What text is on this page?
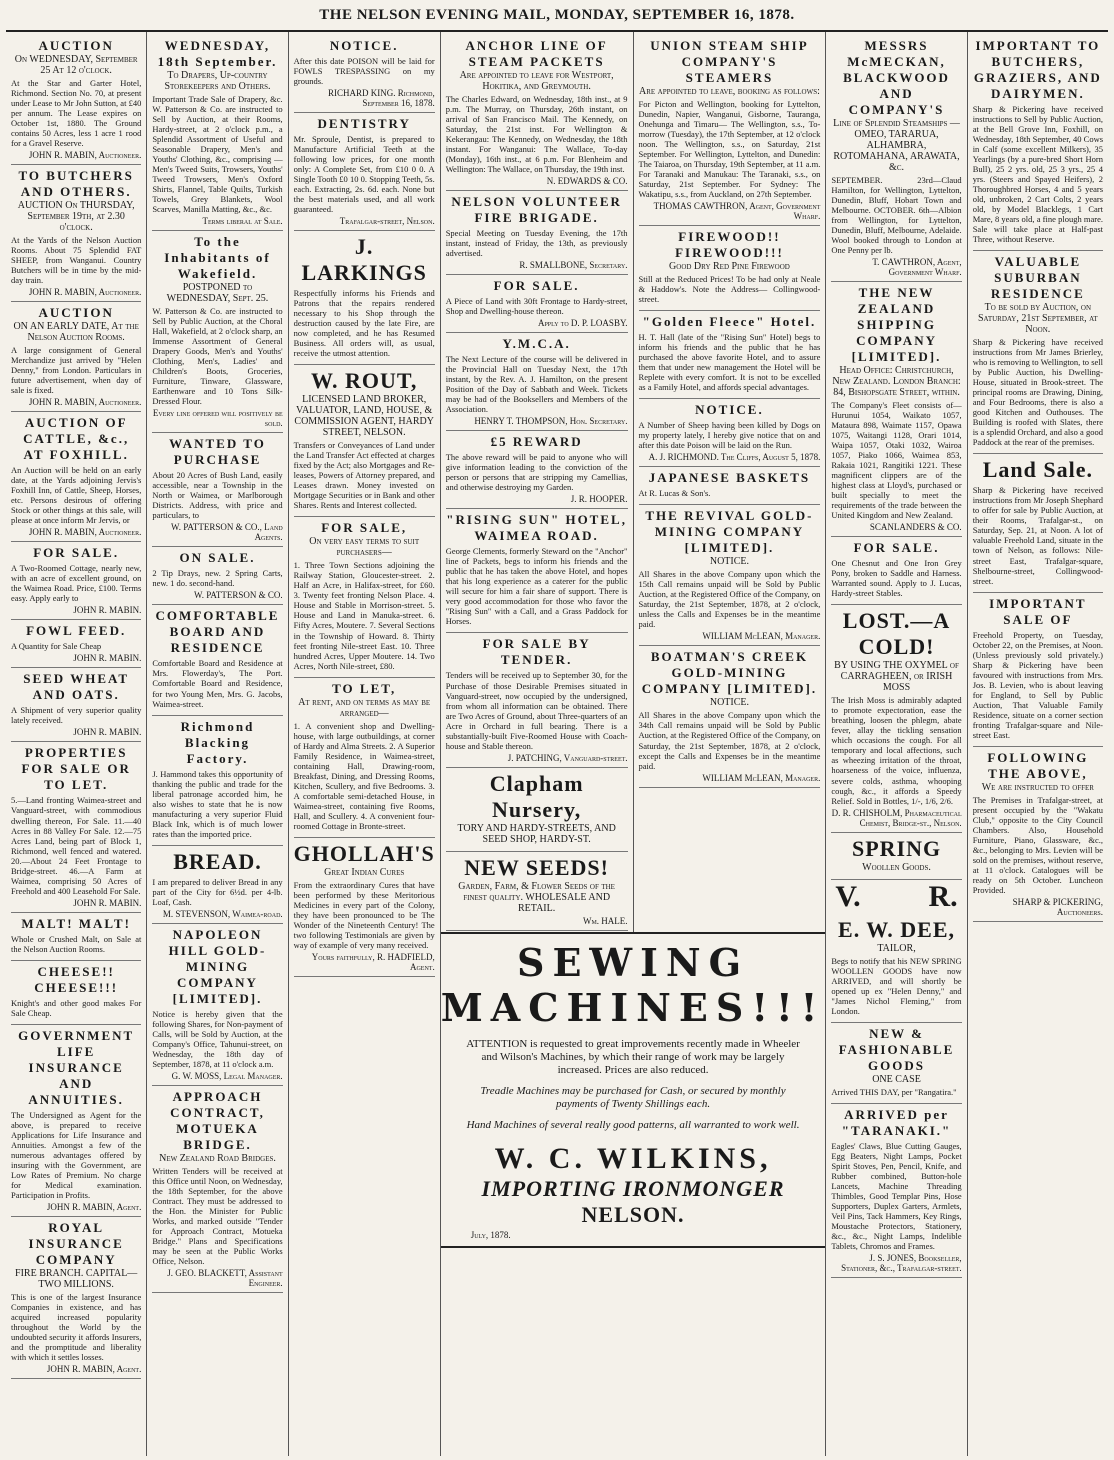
THE NELSON EVENING MAIL, MONDAY, SEPTEMBER 16, 1878.
AUCTION
On WEDNESDAY, September 25 At 12 o'clock.
At the Star and Garter Hotel, Richmond. Section No. 70, at present under Lease to Mr John Sutton, at £40 per annum. The Lease expires on October 1st, 1880. The Ground contains 50 Acres, less 1 acre 1 rood for a Gravel Reserve.
JOHN R. MABIN, Auctioneer.
TO BUTCHERS AND OTHERS.
AUCTION On THURSDAY, September 19th, at 2.30 o'clock.
At the Yards of the Nelson Auction Rooms. About 75 Splendid FAT SHEEP, from Wanganui. Country Butchers will be in time by the mid-day train.
JOHN R. MABIN, Auctioneer.
AUCTION
ON AN EARLY DATE, At the Nelson Auction Rooms.
A large consignment of General Merchandize just arrived by "Helen Denny," from London. Particulars in future advertisement, when day of sale is fixed.
JOHN R. MABIN, Auctioneer.
AUCTION OF CATTLE, &c., AT FOXHILL.
An Auction will be held on an early date, at the Yards adjoining Jervis's Foxhill Inn, of Cattle, Sheep, Horses, etc. Persons desirous of offering Stock or other things at this sale, will please at once inform Mr Jervis, or
JOHN R. MABIN, Auctioneer.
FOR SALE.
A Two-Roomed Cottage, nearly new, with an acre of excellent ground, on the Waimea Road. Price, £100. Terms easy. Apply early to
JOHN R. MABIN.
FOWL FEED.
A Quantity for Sale Cheap
JOHN R. MABIN.
SEED WHEAT AND OATS.
A Shipment of very superior quality lately received.
JOHN R. MABIN.
PROPERTIES FOR SALE OR TO LET.
5.—Land fronting Waimea-street and Vanguard-street, with commodious dwelling thereon, For Sale. 11.—40 Acres in 88 Valley For Sale. 12.—75 Acres Land, being part of Block 1, Richmond, well fenced and watered. 20.—About 24 Feet Frontage to Bridge-street. 46.—A Farm at Waimea, comprising 50 Acres of Freehold and 400 Leasehold For Sale.
JOHN R. MABIN.
MALT! MALT!
Whole or Crushed Malt, on Sale at the Nelson Auction Rooms.
CHEESE!! CHEESE!!!
Knight's and other good makes For Sale Cheap.
GOVERNMENT LIFE INSURANCE AND ANNUITIES.
The Undersigned as Agent for the above, is prepared to receive Applications for Life Insurance and Annuities. Amongst a few of the numerous advantages offered by insuring with the Government, are Low Rates of Premium. No charge for Medical examination. Participation in Profits.
JOHN R. MABIN, Agent.
ROYAL INSURANCE COMPANY
FIRE BRANCH. CAPITAL—TWO MILLIONS.
This is one of the largest Insurance Companies in existence, and has acquired increased popularity throughout the World by the undoubted security it affords Insurers, and the promptitude and liberality with which it settles losses.
JOHN R. MABIN, Agent.
WEDNESDAY, 18th September.
To Drapers, Up-country Storekeepers and Others.
Important Trade Sale of Drapery, &c. W. Patterson & Co. are instructed to Sell by Auction, at their Rooms, Hardy-street, at 2 o'clock p.m., a Splendid Assortment of Useful and Seasonable Drapery, Men's and Youths' Clothing, &c., comprising — Men's Tweed Suits, Trowsers, Youths' Tweed Trowsers, Men's Oxford Shirts, Flannel, Table Quilts, Turkish Towels, Grey Blankets, Wool Scarves, Manilla Matting, &c., &c.
Terms liberal at Sale.
To the Inhabitants of Wakefield.
POSTPONED to WEDNESDAY, Sept. 25.
W. Patterson & Co. are instructed to Sell by Public Auction, at the Choral Hall, Wakefield, at 2 o'clock sharp, an Immense Assortment of General Drapery Goods, Men's and Youths' Clothing, Men's, Ladies' and Children's Boots, Groceries, Furniture, Tinware, Glassware, Earthenware and 10 Tons Silk-Dressed Flour.
Every line offered will positively be sold.
WANTED TO PURCHASE
About 20 Acres of Bush Land, easily accessible, near a Township in the North or Waimea, or Marlborough Districts. Address, with price and particulars, to
W. PATTERSON & CO., Land Agents.
ON SALE.
2 Tip Drays, new. 2 Spring Carts, new. 1 do. second-hand.
W. PATTERSON & CO.
COMFORTABLE BOARD AND RESIDENCE
Comfortable Board and Residence at Mrs. Flowerday's, The Port. Comfortable Board and Residence, for two Young Men, Mrs. G. Jacobs, Waimea-street.
Richmond Blacking Factory.
J. Hammond takes this opportunity of thanking the public and trade for the liberal patronage accorded him, he also wishes to state that he is now manufacturing a very superior Fluid Black Ink, which is of much lower rates than the imported price.
BREAD.
I am prepared to deliver Bread in any part of the City for 6½d. per 4-lb. Loaf, Cash.
M. STEVENSON, Waimea-road.
NAPOLEON HILL GOLD-MINING COMPANY [LIMITED].
Notice is hereby given that the following Shares, for Non-payment of Calls, will be Sold by Auction, at the Company's Office, Tahunui-street, on Wednesday, the 18th day of September, 1878, at 11 o'clock a.m.
G. W. MOSS, Legal Manager.
APPROACH CONTRACT, MOTUEKA BRIDGE.
New Zealand Road Bridges.
Written Tenders will be received at this Office until Noon, on Wednesday, the 18th September, for the above Contract. They must be addressed to the Hon. the Minister for Public Works, and marked outside "Tender for Approach Contract, Motueka Bridge." Plans and Specifications may be seen at the Public Works Office, Nelson.
J. GEO. BLACKETT, Assistant Engineer.
NOTICE.
After this date POISON will be laid for FOWLS TRESPASSING on my grounds.
RICHARD KING. Richmond, September 16, 1878.
DENTISTRY
Mr. Sproule, Dentist, is prepared to Manufacture Artificial Teeth at the following low prices, for one month only: A Complete Set, from £10 0 0. A Single Tooth £0 10 0. Stopping Teeth, 5s. each. Extracting, 2s. 6d. each. None but the best materials used, and all work guaranteed.
Trafalgar-street, Nelson.
J. LARKINGS
Respectfully informs his Friends and Patrons that the repairs rendered necessary to his Shop through the destruction caused by the late Fire, are now completed, and he has Resumed Business. All orders will, as usual, receive the utmost attention.
W. ROUT,
LICENSED LAND BROKER, VALUATOR, LAND, HOUSE, & COMMISSION AGENT, HARDY STREET, NELSON.
Transfers or Conveyances of Land under the Land Transfer Act effected at charges fixed by the Act; also Mortgages and Re-leases, Powers of Attorney prepared, and Leases drawn. Money invested on Mortgage Securities or in Bank and other Shares. Rents and Interest collected.
FOR SALE,
On very easy terms to suit purchasers—
1. Three Town Sections adjoining the Railway Station, Gloucester-street. 2. Half an Acre, in Halifax-street, for £60. 3. Twenty feet fronting Nelson Place. 4. House and Stable in Morrison-street. 5. House and Land in Manuka-street. 6. Fifty Acres, Moutere. 7. Several Sections in the Township of Howard. 8. Thirty feet fronting Nile-street East. 10. Three hundred Acres, Upper Moutere. 14. Two Acres, North Nile-street, £80.
TO LET,
At rent, and on terms as may be arranged—
1. A convenient shop and Dwelling-house, with large outbuildings, at corner of Hardy and Alma Streets. 2. A Superior Family Residence, in Waimea-street, containing Hall, Drawing-room, Breakfast, Dining, and Dressing Rooms, Kitchen, Scullery, and five Bedrooms. 3. A comfortable semi-detached House, in Waimea-street, containing five Rooms, Hall, and Scullery. 4. A convenient four-roomed Cottage in Bronte-street.
GHOLLAH'S
Great Indian Cures
From the extraordinary Cures that have been performed by these Meritorious Medicines in every part of the Colony, they have been pronounced to be The Wonder of the Nineteenth Century! The two following Testimonials are given by way of example of very many received.
Yours faithfully, R. HADFIELD, Agent.
ANCHOR LINE OF STEAM PACKETS
Are appointed to leave for Westport, Hokitika, and Greymouth.
The Charles Edward, on Wednesday, 18th inst., at 9 p.m. The Murray, on Thursday, 26th instant, on arrival of San Francisco Mail. The Kennedy, on Saturday, the 21st inst. For Wellington & Kekerangau: The Kennedy, on Wednesday, the 18th instant. For Wanganui: The Wallace, To-day (Monday), 16th inst., at 6 p.m. For Blenheim and Wellington: The Wallace, on Thursday, the 19th inst.
N. EDWARDS & CO.
NELSON VOLUNTEER FIRE BRIGADE.
Special Meeting on Tuesday Evening, the 17th instant, instead of Friday, the 13th, as previously advertised.
R. SMALLBONE, Secretary.
FOR SALE.
A Piece of Land with 30ft Frontage to Hardy-street, Shop and Dwelling-house thereon.
Apply to D. P. LOASBY.
Y.M.C.A.
The Next Lecture of the course will be delivered in the Provincial Hall on Tuesday Next, the 17th instant, by the Rev. A. J. Hamilton, on the present Position of the Day of Sabbath and Week. Tickets may be had of the Booksellers and Members of the Association.
HENRY T. THOMPSON, Hon. Secretary.
£5 REWARD
The above reward will be paid to anyone who will give information leading to the conviction of the person or persons that are stripping my Camellias, and otherwise destroying my Garden.
J. R. HOOPER.
"RISING SUN" HOTEL, WAIMEA ROAD.
George Clements, formerly Steward on the "Anchor" line of Packets, begs to inform his friends and the public that he has taken the above Hotel, and hopes that his long experience as a caterer for the public will secure for him a fair share of support. There is very good accommodation for those who favor the "Rising Sun" with a Call, and a Grass Paddock for Horses.
FOR SALE BY TENDER.
Tenders will be received up to September 30, for the Purchase of those Desirable Premises situated in Vanguard-street, now occupied by the undersigned, from whom all information can be obtained. There are Two Acres of Ground, about Three-quarters of an Acre in Orchard in full bearing. There is a substantially-built Five-Roomed House with Coach-house and Stable thereon.
J. PATCHING, Vanguard-street.
Clapham Nursery,
TORY AND HARDY-STREETS, AND SEED SHOP, HARDY-ST.
NEW SEEDS!
Garden, Farm, & Flower Seeds of the finest quality. WHOLESALE AND RETAIL.
Wm. HALE.
UNION STEAM SHIP COMPANY'S STEAMERS
Are appointed to leave, booking as follows:
For Picton and Wellington, booking for Lyttelton, Dunedin, Napier, Wanganui, Gisborne, Tauranga, Onehunga and Timaru— The Wellington, s.s., To-morrow (Tuesday), the 17th September, at 12 o'clock noon. The Wellington, s.s., on Saturday, 21st September. For Wellington, Lyttelton, and Dunedin: The Taiaroa, on Thursday, 19th September, at 11 a.m. For Taranaki and Manukau: The Taranaki, s.s., on Saturday, 21st September. For Sydney: The Wakatipu, s.s., from Auckland, on 27th September.
THOMAS CAWTHRON, Agent, Government Wharf.
FIREWOOD!! FIREWOOD!!!
Good Dry Red Pine Firewood
Still at the Reduced Prices! To be had only at Neale & Haddow's. Note the Address— Collingwood-street.
"Golden Fleece" Hotel.
H. T. Hall (late of the "Rising Sun" Hotel) begs to inform his friends and the public that he has purchased the above favorite Hotel, and to assure them that under new management the Hotel will be Replete with every comfort. It is not to be excelled as a Family Hotel, and affords special advantages.
NOTICE.
A Number of Sheep having been killed by Dogs on my property lately, I hereby give notice that on and after this date Poison will be laid on the Run.
A. J. RICHMOND. The Cliffs, August 5, 1878.
JAPANESE BASKETS
At R. Lucas & Son's.
THE REVIVAL GOLD-MINING COMPANY [LIMITED].
NOTICE.
All Shares in the above Company upon which the 15th Call remains unpaid will be Sold by Public Auction, at the Registered Office of the Company, on Saturday, the 21st September, 1878, at 2 o'clock, unless the Calls and Expenses be in the meantime paid.
WILLIAM McLEAN, Manager.
BOATMAN'S CREEK GOLD-MINING COMPANY [LIMITED].
NOTICE.
All Shares in the above Company upon which the 34th Call remains unpaid will be Sold by Public Auction, at the Registered Office of the Company, on Saturday, the 21st September, 1878, at 2 o'clock, except the Calls and Expenses be in the meantime paid.
WILLIAM McLEAN, Manager.
SEWING
MACHINES!!!
ATTENTION is requested to great improvements recently made in Wheeler and Wilson's Machines, by which their range of work may be largely increased. Prices are also reduced.
Treadle Machines may be purchased for Cash, or secured by monthly payments of Twenty Shillings each.
Hand Machines of several really good patterns, all warranted to work well.
W. C. WILKINS,
IMPORTING IRONMONGER
NELSON.
July, 1878.
MESSRS McMECKAN, BLACKWOOD AND COMPANY'S
Line of Splendid Steamships — OMEO, TARARUA, ALHAMBRA, ROTOMAHANA, ARAWATA, &c.
SEPTEMBER. 23rd—Claud Hamilton, for Wellington, Lyttelton, Dunedin, Bluff, Hobart Town and Melbourne. OCTOBER. 6th—Albion from Wellington, for Lyttelton, Dunedin, Bluff, Melbourne, Adelaide. Wool booked through to London at One Penny per lb.
T. CAWTHRON, Agent, Government Wharf.
THE NEW ZEALAND SHIPPING COMPANY [LIMITED].
Head Office: Christchurch, New Zealand. London Branch: 84, Bishopsgate Street, within.
The Company's Fleet consists of— Hurunui 1054, Waikato 1057, Mataura 898, Waimate 1157, Opawa 1075, Waitangi 1128, Orari 1014, Waipa 1057, Otaki 1032, Wairoa 1057, Piako 1066, Waimea 853, Rakaia 1021, Rangitiki 1221. These magnificent clippers are of the highest class at Lloyd's, purchased or built specially to meet the requirements of the trade between the United Kingdom and New Zealand.
SCANLANDERS & CO.
FOR SALE.
One Chesnut and One Iron Grey Pony, broken to Saddle and Harness. Warranted sound. Apply to J. Lucas, Hardy-street Stables.
LOST.—A COLD!
BY USING THE OXYMEL of CARRAGHEEN, or IRISH MOSS
The Irish Moss is admirably adapted to promote expectoration, ease the breathing, loosen the phlegm, abate fever, allay the tickling sensation which occasions the cough. For all temporary and local affections, such as wheezing irritation of the throat, hoarseness of the voice, influenza, severe colds, asthma, whooping cough, &c., it affords a Speedy Relief. Sold in Bottles, 1/-, 1/6, 2/6.
D. R. CHISHOLM, Pharmaceutical Chemist, Bridge-st., Nelson.
SPRING
Woollen Goods.
V. R.
E. W. DEE,
TAILOR,
Begs to notify that his NEW SPRING WOOLLEN GOODS have now ARRIVED, and will shortly be opened up ex "Helen Denny," and "James Nichol Fleming," from London.
NEW & FASHIONABLE GOODS
ONE CASE
Arrived THIS DAY, per "Rangatira."
ARRIVED per "TARANAKI."
Eagles' Claws, Blue Cutting Gauges, Egg Beaters, Night Lamps, Pocket Spirit Stoves, Pen, Pencil, Knife, and Rubber combined, Button-hole Lancets, Machine Threading Thimbles, Good Templar Pins, Hose Supporters, Duplex Garters, Armlets, Veil Pins, Tack Hammers, Key Rings, Moustache Protectors, Stationery, &c., &c., Night Lamps, Indelible Tablets, Chromos and Frames.
J. S. JONES, Bookseller, Stationer, &c., Trafalgar-street.
IMPORTANT TO BUTCHERS, GRAZIERS, AND DAIRYMEN.
Sharp & Pickering have received instructions to Sell by Public Auction, at the Bell Grove Inn, Foxhill, on Wednesday, 18th September, 40 Cows in Calf (some excellent Milkers), 35 Yearlings (by a pure-bred Short Horn Bull), 25 2 yrs. old, 25 3 yrs., 25 4 yrs. (Steers and Spayed Heifers), 2 Thoroughbred Horses, 4 and 5 years old, unbroken, 2 Cart Colts, 2 years old, by Model Blacklegs, 1 Cart Mare, 8 years old, a fine plough mare. Sale will take place at Half-past Three, without Reserve.
VALUABLE SUBURBAN RESIDENCE
To be sold by Auction, on Saturday, 21st September, at Noon.
Sharp & Pickering have received instructions from Mr James Brierley, who is removing to Wellington, to sell by Public Auction, his Dwelling-House, situated in Brook-street. The principal rooms are Drawing, Dining, and Four Bedrooms, there is also a good Kitchen and Outhouses. The Building is roofed with Slates, there is a splendid Orchard, and also a good Paddock at the rear of the premises.
Land Sale.
Sharp & Pickering have received instructions from Mr Joseph Shephard to offer for sale by Public Auction, at their Rooms, Trafalgar-st., on Saturday, Sep. 21, at Noon. A lot of valuable Freehold Land, situate in the town of Nelson, as follows: Nile-street East, Trafalgar-square, Shelbourne-street, Collingwood-street.
IMPORTANT SALE OF
Freehold Property, on Tuesday, October 22, on the Premises, at Noon. (Unless previously sold privately.) Sharp & Pickering have been favoured with instructions from Mrs. Jos. B. Levien, who is about leaving for England, to Sell by Public Auction, That Valuable Family Residence, situate on a corner section fronting Trafalgar-square and Nile-street East.
FOLLOWING THE ABOVE,
We are instructed to offer
The Premises in Trafalgar-street, at present occupied by the "Wakatu Club," opposite to the City Council Chambers. Also, Household Furniture, Piano, Glassware, &c., &c., belonging to Mrs. Levien will be sold on the premises, without reserve, at 11 o'clock. Catalogues will be ready on 5th October. Luncheon Provided.
SHARP & PICKERING, Auctioneers.
